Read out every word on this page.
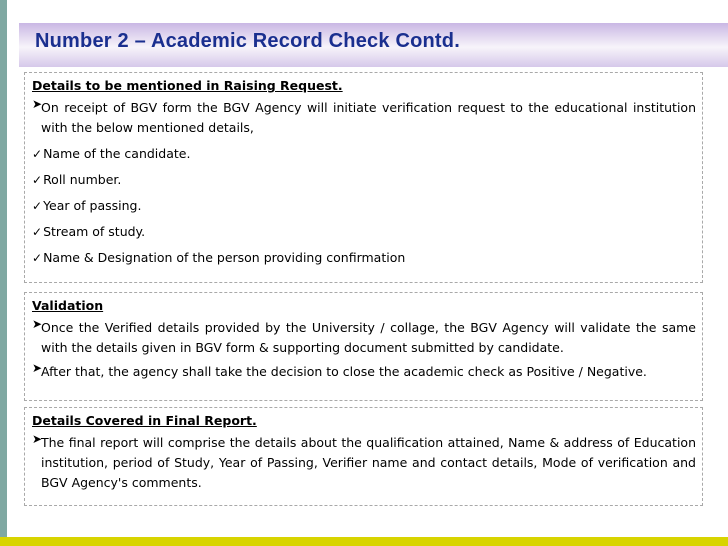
Number 2 – Academic Record Check Contd.
Details to be mentioned in Raising Request.
➤
On receipt of BGV form the BGV Agency will initiate verification request to the educational institution with the below mentioned details,
✓Name of the candidate.
✓Roll number.
✓Year of passing.
✓Stream of study.
✓Name & Designation of the person providing confirmation
Validation
➤
Once the Verified details provided by the University / collage, the BGV Agency will validate the same with the details given in BGV form & supporting document submitted by candidate.
➤
After that, the agency shall take the decision to close the academic check as Positive / Negative.
Details Covered in Final Report.
➤
The final report will comprise the details about the qualification attained, Name & address of Education institution, period of Study, Year of Passing, Verifier name and contact details, Mode of verification and BGV Agency's comments.
